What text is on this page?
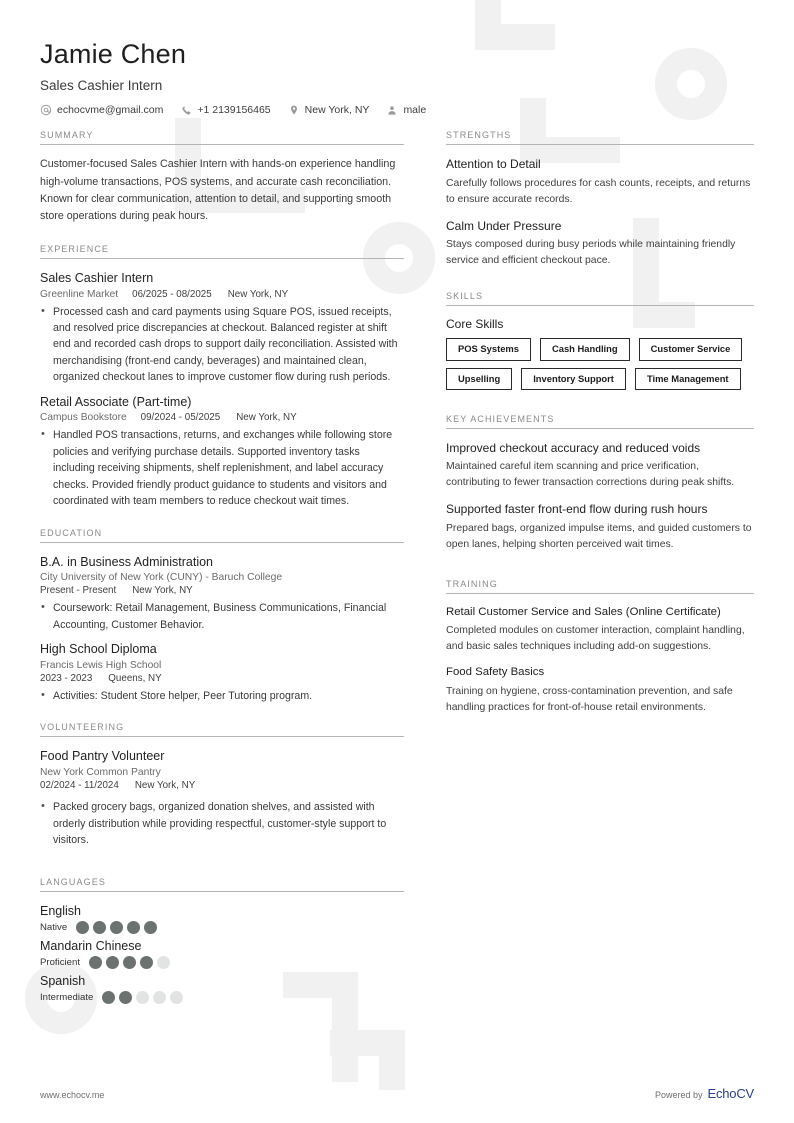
Jamie Chen
Sales Cashier Intern
echocvme@gmail.com	+1 2139156465	New York, NY	male
SUMMARY
Customer-focused Sales Cashier Intern with hands-on experience handling high-volume transactions, POS systems, and accurate cash reconciliation. Known for clear communication, attention to detail, and supporting smooth store operations during peak hours.
EXPERIENCE
Sales Cashier Intern
Greenline Market 06/2025 - 08/2025 New York, NY
• Processed cash and card payments using Square POS, issued receipts, and resolved price discrepancies at checkout. Balanced register at shift end and recorded cash drops to support daily reconciliation. Assisted with merchandising (front-end candy, beverages) and maintained clean, organized checkout lanes to improve customer flow during rush periods.
Retail Associate (Part-time)
Campus Bookstore 09/2024 - 05/2025 New York, NY
• Handled POS transactions, returns, and exchanges while following store policies and verifying purchase details. Supported inventory tasks including receiving shipments, shelf replenishment, and label accuracy checks. Provided friendly product guidance to students and visitors and coordinated with team members to reduce checkout wait times.
EDUCATION
B.A. in Business Administration
City University of New York (CUNY) - Baruch College
Present - Present New York, NY
• Coursework: Retail Management, Business Communications, Financial Accounting, Customer Behavior.
High School Diploma
Francis Lewis High School
2023 - 2023 Queens, NY
• Activities: Student Store helper, Peer Tutoring program.
VOLUNTEERING
Food Pantry Volunteer
New York Common Pantry
02/2024 - 11/2024 New York, NY
• Packed grocery bags, organized donation shelves, and assisted with orderly distribution while providing respectful, customer-style support to visitors.
LANGUAGES
English
Native
Mandarin Chinese
Proficient
Spanish
Intermediate
STRENGTHS
Attention to Detail
Carefully follows procedures for cash counts, receipts, and returns to ensure accurate records.
Calm Under Pressure
Stays composed during busy periods while maintaining friendly service and efficient checkout pace.
SKILLS
Core Skills
POS Systems	Cash Handling	Customer Service
Upselling	Inventory Support	Time Management
KEY ACHIEVEMENTS
Improved checkout accuracy and reduced voids
Maintained careful item scanning and price verification, contributing to fewer transaction corrections during peak shifts.
Supported faster front-end flow during rush hours
Prepared bags, organized impulse items, and guided customers to open lanes, helping shorten perceived wait times.
TRAINING
Retail Customer Service and Sales (Online Certificate)
Completed modules on customer interaction, complaint handling, and basic sales techniques including add-on suggestions.
Food Safety Basics
Training on hygiene, cross-contamination prevention, and safe handling practices for front-of-house retail environments.
www.echocv.me	Powered by EchoCV
